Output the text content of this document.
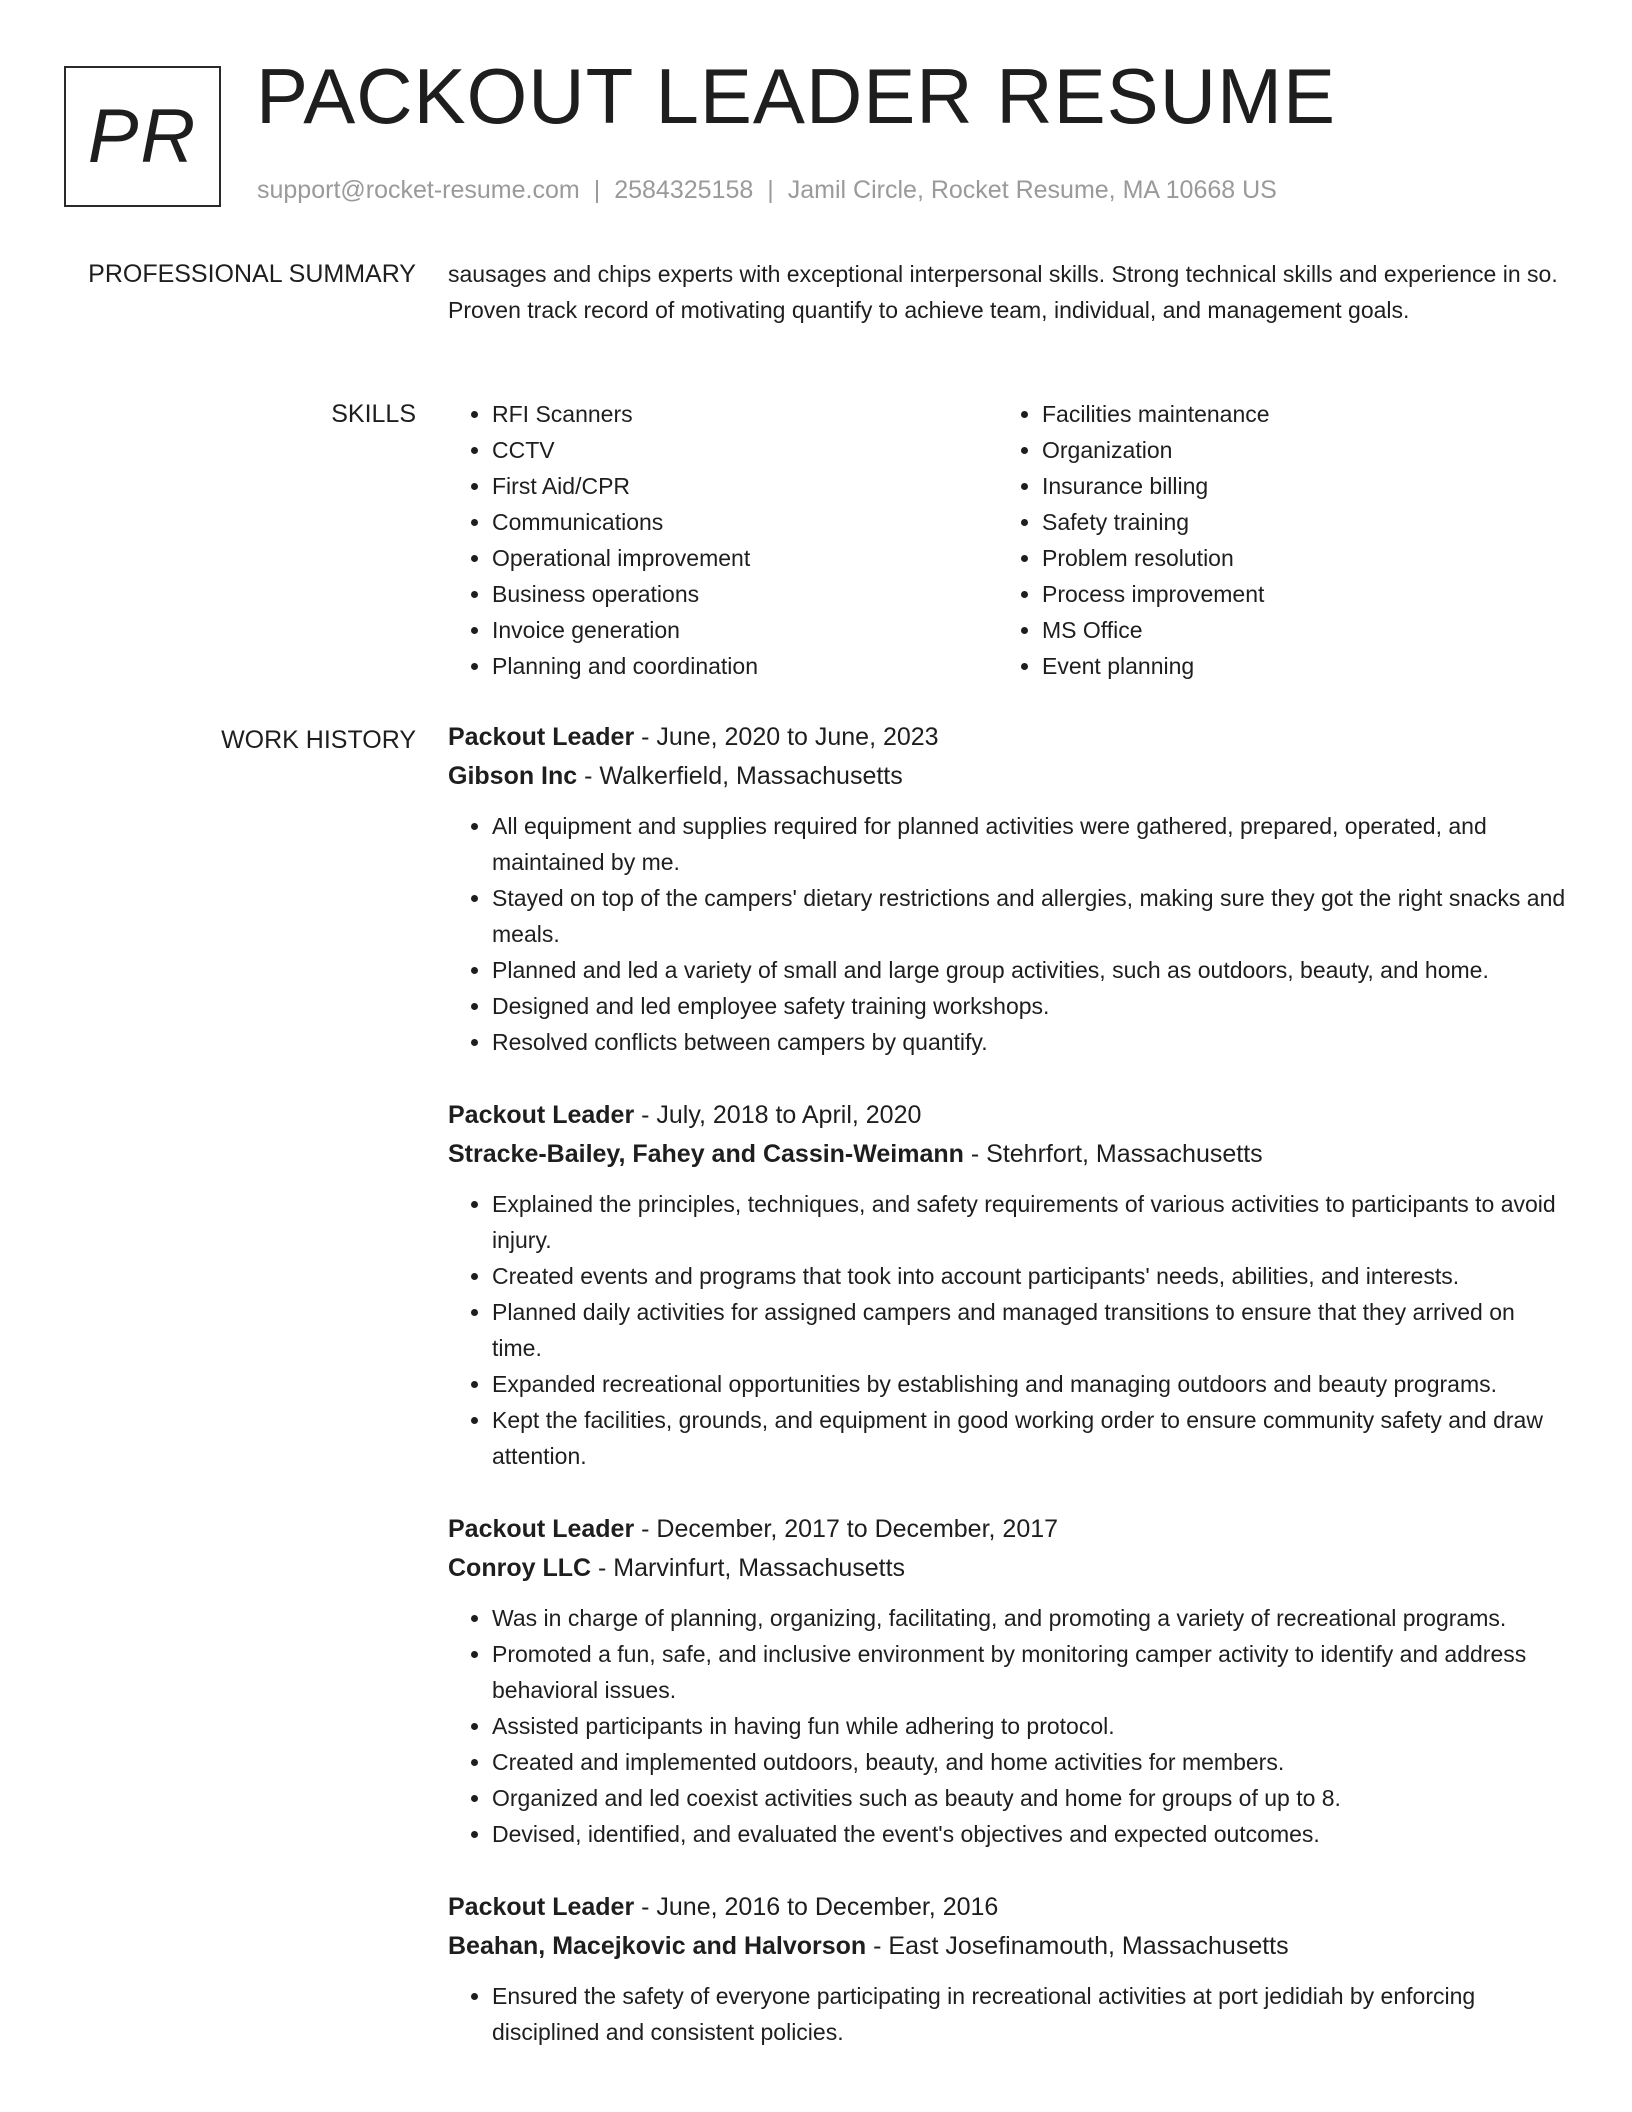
PR PACKOUT LEADER RESUME
support@rocket-resume.com | 2584325158 | Jamil Circle, Rocket Resume, MA 10668 US
PROFESSIONAL SUMMARY sausages and chips experts with exceptional interpersonal skills. Strong technical skills and experience in so. Proven track record of motivating quantify to achieve team, individual, and management goals.

SKILLS
•	RFI Scanners
• CCTV
• First Aid/CPR
• Communications
• Operational improvement
• Business operations
• Invoice generation
• Planning and coordination
• Facilities maintenance
• Organization
• Insurance billing
• Safety training
• Problem resolution
• Process improvement
• MS Office
• Event planning
WORK HISTORY Packout Leader - June, 2020 to June, 2023
Gibson Inc - Walkerfield, Massachusetts
• All equipment and supplies required for planned activities were gathered, prepared, operated, and maintained by me.
• Stayed on top of the campers' dietary restrictions and allergies, making sure they got the right snacks and meals.
• Planned and led a variety of small and large group activities, such as outdoors, beauty, and home.
• Designed and led employee safety training workshops.
• Resolved conflicts between campers by quantify.
Packout Leader - July, 2018 to April, 2020
Stracke-Bailey, Fahey and Cassin-Weimann - Stehrfort, Massachusetts
• Explained the principles, techniques, and safety requirements of various activities to participants to avoid injury.
• Created events and programs that took into account participants' needs, abilities, and interests.
• Planned daily activities for assigned campers and managed transitions to ensure that they arrived on time.
• Expanded recreational opportunities by establishing and managing outdoors and beauty programs.
• Kept the facilities, grounds, and equipment in good working order to ensure community safety and draw attention.
Packout Leader - December, 2017 to December, 2017
Conroy LLC - Marvinfurt, Massachusetts
• Was in charge of planning, organizing, facilitating, and promoting a variety of recreational programs.
• Promoted a fun, safe, and inclusive environment by monitoring camper activity to identify and address behavioral issues.
• Assisted participants in having fun while adhering to protocol.
• Created and implemented outdoors, beauty, and home activities for members.
• Organized and led coexist activities such as beauty and home for groups of up to 8.
• Devised, identified, and evaluated the event's objectives and expected outcomes.
Packout Leader - June, 2016 to December, 2016
Beahan, Macejkovic and Halvorson - East Josefinamouth, Massachusetts
• Ensured the safety of everyone participating in recreational activities at port jedidiah by enforcing disciplined and consistent policies.
